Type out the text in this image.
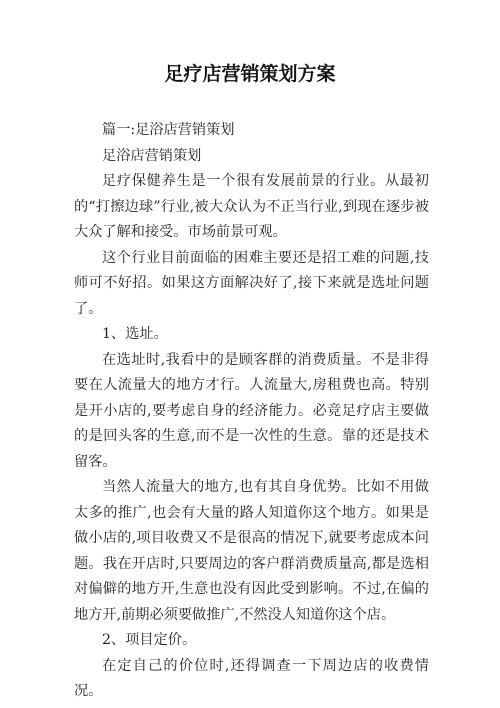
足疗店营销策划方案

篇一:足浴店营销策划

足浴店营销策划

足疗保健养生是一个很有发展前景的行业。从最初的“打擦边球”行业,被大众认为不正当行业,到现在逐步被大众了解和接受。市场前景可观。

这个行业目前面临的困难主要还是招工难的问题,技师可不好招。如果这方面解决好了,接下来就是选址问题了。

1、选址。

在选址时,我看中的是顾客群的消费质量。不是非得要在人流量大的地方才行。人流量大,房租费也高。特别是开小店的,要考虑自身的经济能力。必竞足疗店主要做的是回头客的生意,而不是一次性的生意。靠的还是技术留客。

当然人流量大的地方,也有其自身优势。比如不用做太多的推广,也会有大量的路人知道你这个地方。如果是做小店的,项目收费又不是很高的情况下,就要考虑成本问题。我在开店时,只要周边的客户群消费质量高,都是选相对偏僻的地方开,生意也没有因此受到影响。不过,在偏的地方开,前期必须要做推广,不然没人知道你这个店。

2、项目定价。

在定自己的价位时,还得调查一下周边店的收费情况。
